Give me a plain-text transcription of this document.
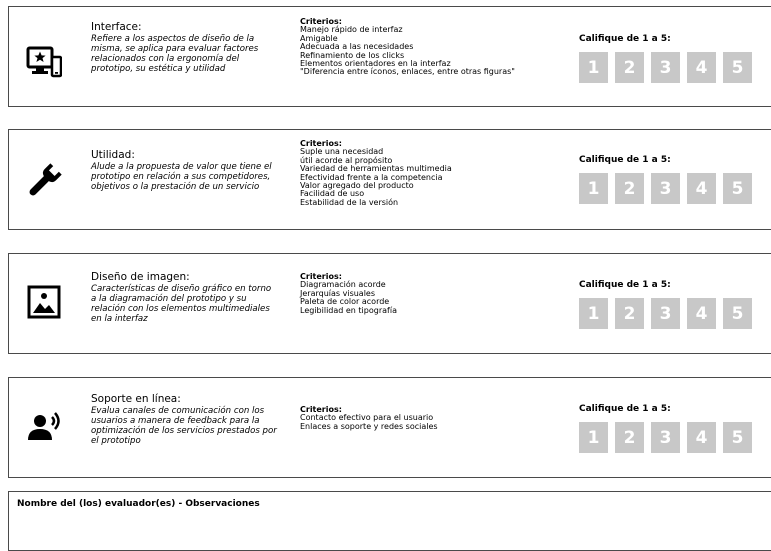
Interface:
Refiere a los aspectos de diseño de la misma, se aplica para evaluar factores relacionados con la ergonomía del prototipo, su estética y utilidad
Criterios:
Manejo rápido de interfaz
Amigable
Adecuada a las necesidades
Refinamiento de los clicks
Elementos orientadores en la interfaz
"Diferencia entre íconos, enlaces, entre otras figuras"
Califique de 1 a 5:
1	2	3	4	5
Utilidad:
Alude a la propuesta de valor que tiene el prototipo en relación a sus competidores, objetivos o la prestación de un servicio
Criterios:
Suple una necesidad
útil acorde al propósito
Variedad de herramientas multimedia
Efectividad frente a la competencia
Valor agregado del producto
Facilidad de uso
Estabilidad de la versión
Califique de 1 a 5:
1	2	3	4	5
Diseño de imagen:
Características de diseño gráfico en torno a la diagramación del prototipo y su relación con los elementos multimediales en la interfaz
Criterios:
Diagramación acorde
Jerarquías visuales
Paleta de color acorde
Legibilidad en tipografía
Califique de 1 a 5:
1	2	3	4	5
Soporte en línea:
Evalua canales de comunicación con los usuarios a manera de feedback para la optimización de los servicios prestados por el prototipo
Criterios:
Contacto efectivo para el usuario
Enlaces a soporte y redes sociales
Califique de 1 a 5:
1	2	3	4	5
Nombre del (los) evaluador(es) - Observaciones
